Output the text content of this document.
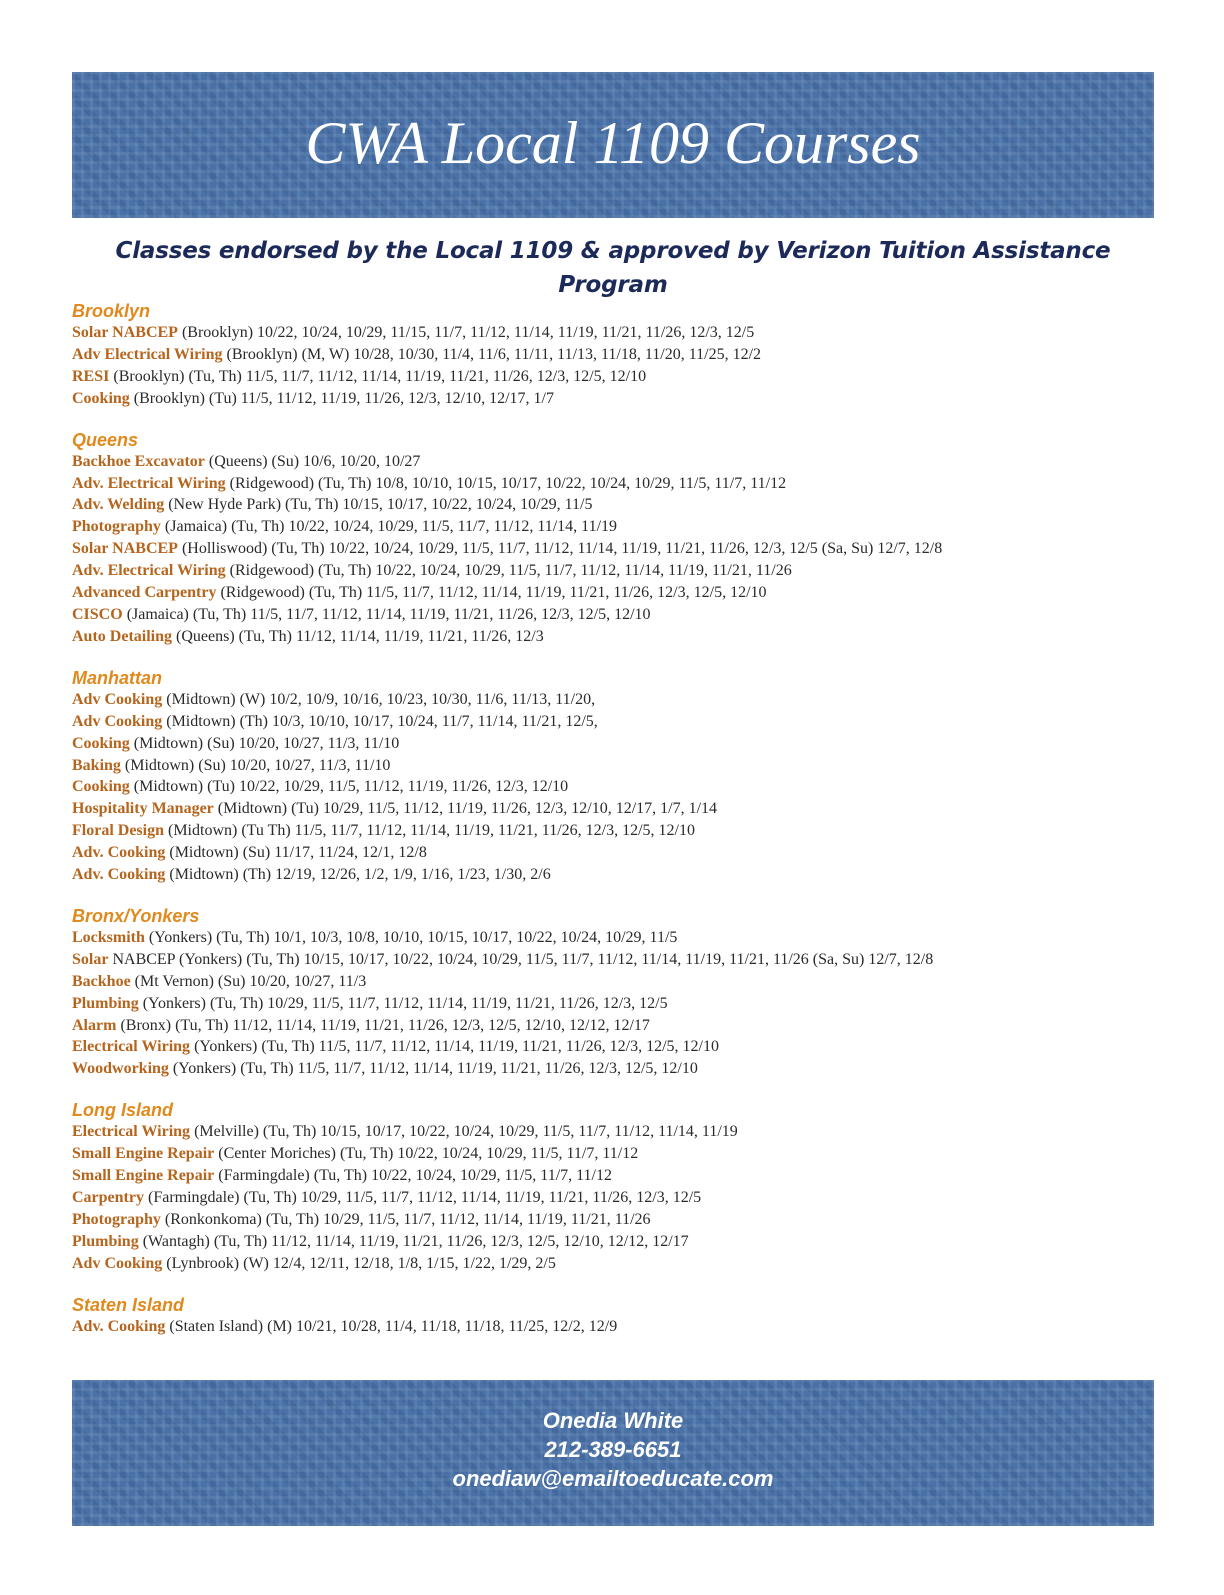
CWA Local 1109 Courses
Classes endorsed by the Local 1109 & approved by Verizon Tuition Assistance Program
Brooklyn
Solar NABCEP (Brooklyn) 10/22, 10/24, 10/29, 11/15, 11/7, 11/12, 11/14, 11/19, 11/21, 11/26, 12/3, 12/5
Adv Electrical Wiring (Brooklyn) (M, W) 10/28, 10/30, 11/4, 11/6, 11/11, 11/13, 11/18, 11/20, 11/25, 12/2
RESI (Brooklyn) (Tu, Th) 11/5, 11/7, 11/12, 11/14, 11/19, 11/21, 11/26, 12/3, 12/5, 12/10
Cooking (Brooklyn) (Tu) 11/5, 11/12, 11/19, 11/26, 12/3, 12/10, 12/17, 1/7
Queens
Backhoe Excavator (Queens) (Su) 10/6, 10/20, 10/27
Adv. Electrical Wiring (Ridgewood) (Tu, Th) 10/8, 10/10, 10/15, 10/17, 10/22, 10/24, 10/29, 11/5, 11/7, 11/12
Adv. Welding (New Hyde Park) (Tu, Th) 10/15, 10/17, 10/22, 10/24, 10/29, 11/5
Photography (Jamaica) (Tu, Th) 10/22, 10/24, 10/29, 11/5, 11/7, 11/12, 11/14, 11/19
Solar NABCEP (Holliswood) (Tu, Th) 10/22, 10/24, 10/29, 11/5, 11/7, 11/12, 11/14, 11/19, 11/21, 11/26, 12/3, 12/5 (Sa, Su) 12/7, 12/8
Adv. Electrical Wiring (Ridgewood) (Tu, Th) 10/22, 10/24, 10/29, 11/5, 11/7, 11/12, 11/14, 11/19, 11/21, 11/26
Advanced Carpentry (Ridgewood) (Tu, Th) 11/5, 11/7, 11/12, 11/14, 11/19, 11/21, 11/26, 12/3, 12/5, 12/10
CISCO (Jamaica) (Tu, Th) 11/5, 11/7, 11/12, 11/14, 11/19, 11/21, 11/26, 12/3, 12/5, 12/10
Auto Detailing (Queens) (Tu, Th) 11/12, 11/14, 11/19, 11/21, 11/26, 12/3
Manhattan
Adv Cooking (Midtown) (W) 10/2, 10/9, 10/16, 10/23, 10/30, 11/6, 11/13, 11/20,
Adv Cooking (Midtown) (Th) 10/3, 10/10, 10/17, 10/24, 11/7, 11/14, 11/21, 12/5,
Cooking (Midtown) (Su) 10/20, 10/27, 11/3, 11/10
Baking (Midtown) (Su) 10/20, 10/27, 11/3, 11/10
Cooking (Midtown) (Tu) 10/22, 10/29, 11/5, 11/12, 11/19, 11/26, 12/3, 12/10
Hospitality Manager (Midtown) (Tu) 10/29, 11/5, 11/12, 11/19, 11/26, 12/3, 12/10, 12/17, 1/7, 1/14
Floral Design (Midtown) (Tu Th) 11/5, 11/7, 11/12, 11/14, 11/19, 11/21, 11/26, 12/3, 12/5, 12/10
Adv. Cooking (Midtown) (Su) 11/17, 11/24, 12/1, 12/8
Adv. Cooking (Midtown) (Th) 12/19, 12/26, 1/2, 1/9, 1/16, 1/23, 1/30, 2/6
Bronx/Yonkers
Locksmith (Yonkers) (Tu, Th) 10/1, 10/3, 10/8, 10/10, 10/15, 10/17, 10/22, 10/24, 10/29, 11/5
Solar NABCEP (Yonkers) (Tu, Th) 10/15, 10/17, 10/22, 10/24, 10/29, 11/5, 11/7, 11/12, 11/14, 11/19, 11/21, 11/26 (Sa, Su) 12/7, 12/8
Backhoe (Mt Vernon) (Su) 10/20, 10/27, 11/3
Plumbing (Yonkers) (Tu, Th) 10/29, 11/5, 11/7, 11/12, 11/14, 11/19, 11/21, 11/26, 12/3, 12/5
Alarm (Bronx) (Tu, Th) 11/12, 11/14, 11/19, 11/21, 11/26, 12/3, 12/5, 12/10, 12/12, 12/17
Electrical Wiring (Yonkers) (Tu, Th) 11/5, 11/7, 11/12, 11/14, 11/19, 11/21, 11/26, 12/3, 12/5, 12/10
Woodworking (Yonkers) (Tu, Th) 11/5, 11/7, 11/12, 11/14, 11/19, 11/21, 11/26, 12/3, 12/5, 12/10
Long Island
Electrical Wiring (Melville) (Tu, Th) 10/15, 10/17, 10/22, 10/24, 10/29, 11/5, 11/7, 11/12, 11/14, 11/19
Small Engine Repair (Center Moriches) (Tu, Th) 10/22, 10/24, 10/29, 11/5, 11/7, 11/12
Small Engine Repair (Farmingdale) (Tu, Th) 10/22, 10/24, 10/29, 11/5, 11/7, 11/12
Carpentry (Farmingdale) (Tu, Th) 10/29, 11/5, 11/7, 11/12, 11/14, 11/19, 11/21, 11/26, 12/3, 12/5
Photography (Ronkonkoma) (Tu, Th) 10/29, 11/5, 11/7, 11/12, 11/14, 11/19, 11/21, 11/26
Plumbing (Wantagh) (Tu, Th) 11/12, 11/14, 11/19, 11/21, 11/26, 12/3, 12/5, 12/10, 12/12, 12/17
Adv Cooking (Lynbrook) (W) 12/4, 12/11, 12/18, 1/8, 1/15, 1/22, 1/29, 2/5
Staten Island
Adv. Cooking (Staten Island) (M) 10/21, 10/28, 11/4, 11/18, 11/18, 11/25, 12/2, 12/9
Onedia White
212-389-6651
onediaw@emailtoeducate.com
